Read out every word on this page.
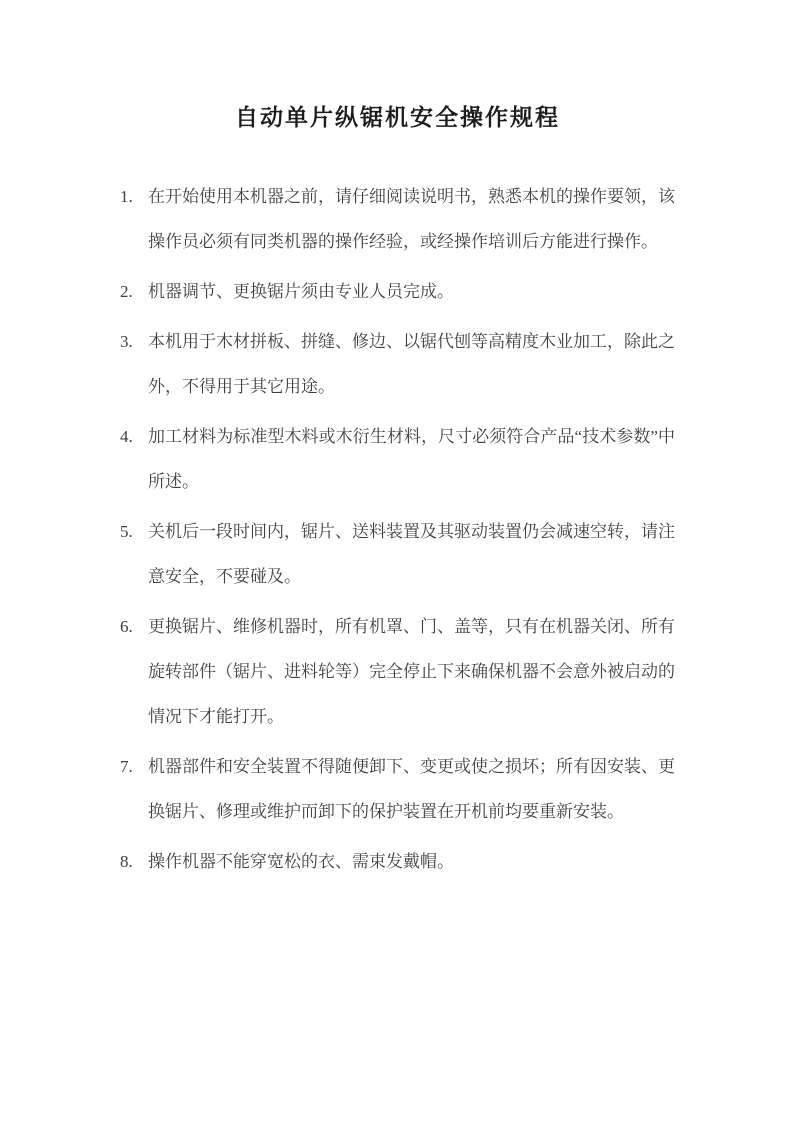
自动单片纵锯机安全操作规程
1. 在开始使用本机器之前，请仔细阅读说明书，熟悉本机的操作要领，该操作员必须有同类机器的操作经验，或经操作培训后方能进行操作。
2. 机器调节、更换锯片须由专业人员完成。
3. 本机用于木材拼板、拼缝、修边、以锯代刨等高精度木业加工，除此之外，不得用于其它用途。
4. 加工材料为标准型木料或木衍生材料，尺寸必须符合产品“技术参数”中所述。
5. 关机后一段时间内，锯片、送料装置及其驱动装置仍会减速空转，请注意安全，不要碰及。
6. 更换锯片、维修机器时，所有机罩、门、盖等，只有在机器关闭、所有旋转部件（锯片、进料轮等）完全停止下来确保机器不会意外被启动的情况下才能打开。
7. 机器部件和安全装置不得随便卸下、变更或使之损坏；所有因安装、更换锯片、修理或维护而卸下的保护装置在开机前均要重新安装。
8. 操作机器不能穿宽松的衣、需束发戴帽。
